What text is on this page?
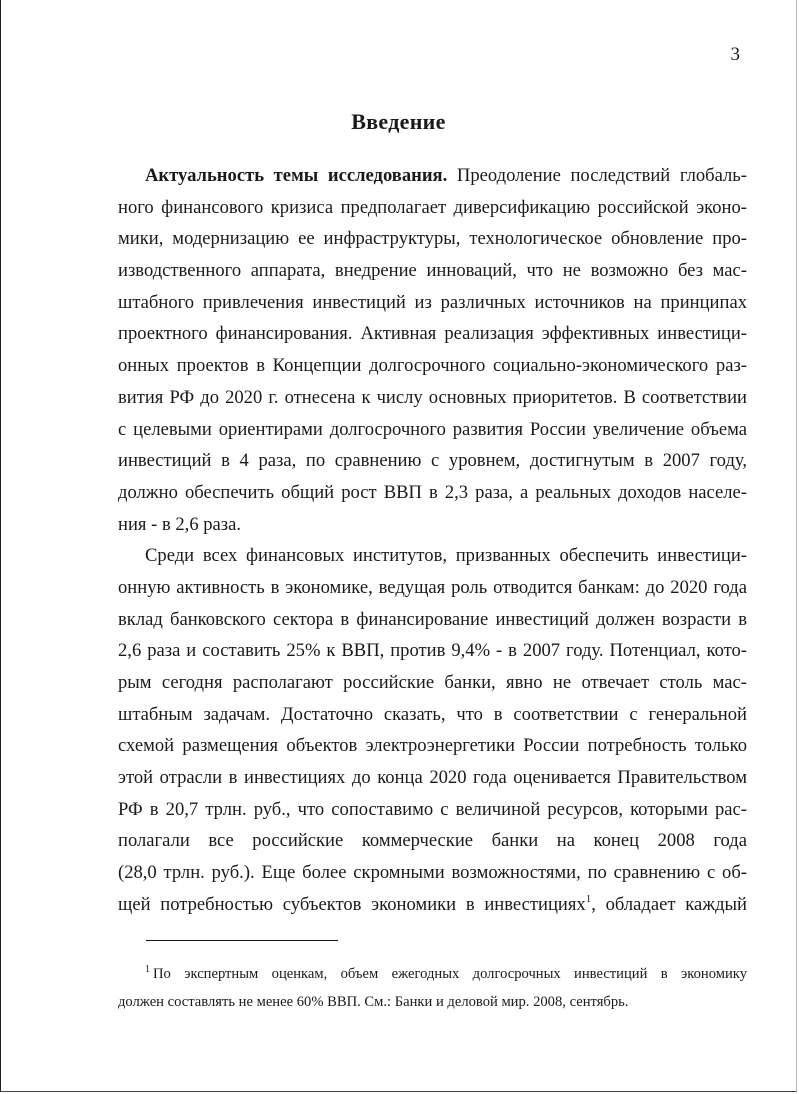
3
Введение
Актуальность темы исследования. Преодоление последствий глобаль-
ного финансового кризиса предполагает диверсификацию российской эконо-
мики, модернизацию ее инфраструктуры, технологическое обновление про-
изводственного аппарата, внедрение инноваций, что не возможно без мас-
штабного привлечения инвестиций из различных источников на принципах
проектного финансирования. Активная реализация эффективных инвестици-
онных проектов в Концепции долгосрочного социально-экономического раз-
вития РФ до 2020 г. отнесена к числу основных приоритетов. В соответствии
с целевыми ориентирами долгосрочного развития России увеличение объема
инвестиций в 4 раза, по сравнению с уровнем, достигнутым в 2007 году,
должно обеспечить общий рост ВВП в 2,3 раза, а реальных доходов населе-
ния - в 2,6 раза.
Среди всех финансовых институтов, призванных обеспечить инвестици-
онную активность в экономике, ведущая роль отводится банкам: до 2020 года
вклад банковского сектора в финансирование инвестиций должен возрасти в
2,6 раза и составить 25% к ВВП, против 9,4% - в 2007 году. Потенциал, кото-
рым сегодня располагают российские банки, явно не отвечает столь мас-
штабным задачам. Достаточно сказать, что в соответствии с генеральной
схемой размещения объектов электроэнергетики России потребность только
этой отрасли в инвестициях до конца 2020 года оценивается Правительством
РФ в 20,7 трлн. руб., что сопоставимо с величиной ресурсов, которыми рас-
полагали все российские коммерческие банки на конец 2008 года
(28,0 трлн. руб.). Еще более скромными возможностями, по сравнению с об-
щей потребностью субъектов экономики в инвестициях$^1$, обладает каждый
$^1$ По экспертным оценкам, объем ежегодных долгосрочных инвестиций в экономику
должен составлять не менее 60% ВВП. См.: Банки и деловой мир. 2008, сентябрь.
